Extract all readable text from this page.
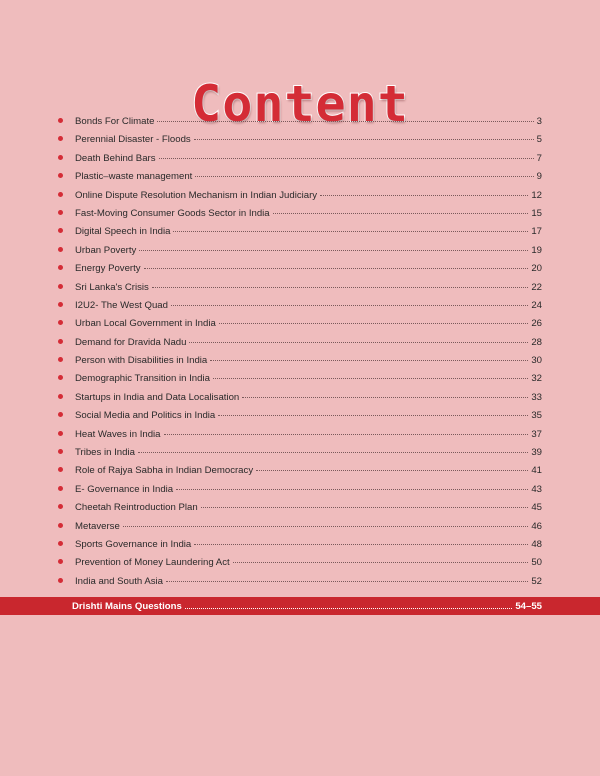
Content
Bonds For Climate	3
Perennial Disaster - Floods	5
Death Behind Bars	7
Plastic–waste management	9
Online Dispute Resolution Mechanism in Indian Judiciary	12
Fast-Moving Consumer Goods Sector in India	15
Digital Speech in India	17
Urban Poverty	19
Energy Poverty	20
Sri Lanka's Crisis	22
I2U2- The West Quad	24
Urban Local Government in India	26
Demand for Dravida Nadu	28
Person with Disabilities in India	30
Demographic Transition in India	32
Startups in India and Data Localisation	33
Social Media and Politics in India	35
Heat Waves in India	37
Tribes in India	39
Role of Rajya Sabha in Indian Democracy	41
E- Governance in India	43
Cheetah Reintroduction Plan	45
Metaverse	46
Sports Governance in India	48
Prevention of Money Laundering Act	50
India and South Asia	52
Drishti Mains Questions	54–55
